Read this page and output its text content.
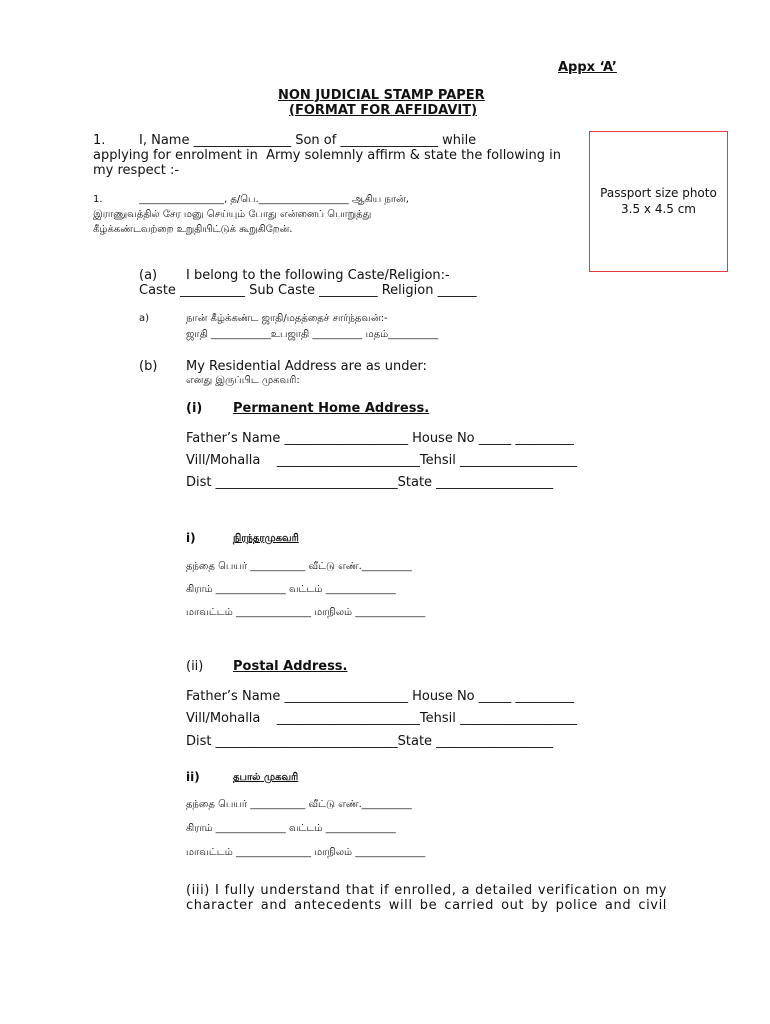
Appx ‘A’
NON JUDICIAL STAMP PAPER
(FORMAT FOR AFFIDAVIT)
Passport size photo
3.5 x 4.5 cm
1.	I, Name _______________ Son of _______________ while
applying for enrolment in  Army solemnly affirm & state the following in
my respect :-
1.	_________________, த/பெ.__________________ ஆகிய நான்,
இராணுவத்தில் சேர மனு செய்யும் போது என்னைப் பொறுத்து
கீழ்க்கண்டவற்றை உறுதியிட்டுக் கூறுகிறேன்.
(a) I belong to the following Caste/Religion:-
Caste __________ Sub Caste _________ Religion ______
a)	நான் கீழ்க்கண்ட ஜாதி/மதத்தைச் சார்ந்தவன்:-
ஜாதி ____________உபஜாதி __________ மதம்__________
(b) My Residential Address are as under:
எனது இருப்பிட முகவரி:
(i) Permanent Home Address.
Father’s Name ___________________ House No _____ _________
Vill/Mohalla    ______________________Tehsil __________________
Dist ____________________________State __________________
i)	நிரந்தரமுகவரி
தந்தை பெயர் ___________ வீட்டு எண்.__________
கிராம் ______________ வட்டம் ______________
மாவட்டம் _______________ மாநிலம் ______________
(ii) Postal Address.
Father’s Name ___________________ House No _____ _________
Vill/Mohalla    ______________________Tehsil __________________
Dist ____________________________State __________________
ii)	தபால் முகவரி
தந்தை பெயர் ___________ வீட்டு எண்.__________
கிராம் ______________ வட்டம் ______________
மாவட்டம் _______________ மாநிலம் ______________
(iii) I fully understand that if enrolled, a detailed verification on my
character and antecedents will be carried out by police and civil
